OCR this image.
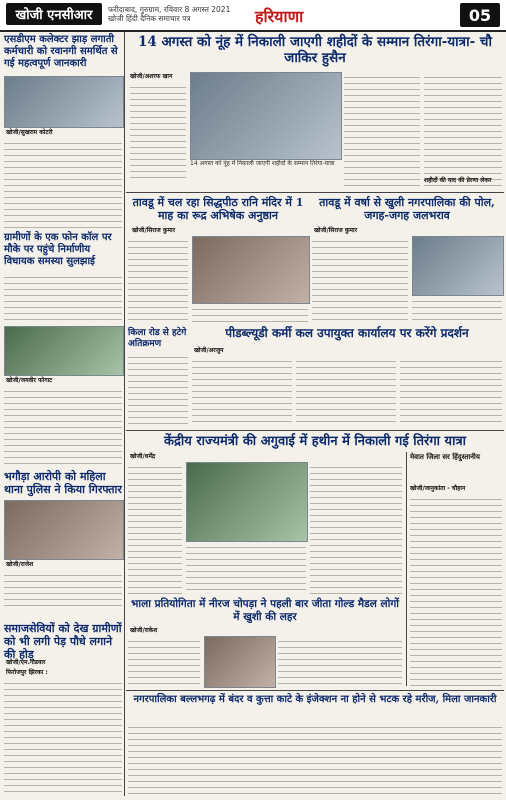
खोजी एनसीआर	फरीदाबाद, गुरुग्राम, रविवार 8 अगस्त 2021
खोजी हिंदी दैनिक समाचार पत्र	हरियाणा	05
एसडीएम कलेक्टर झाड़ लगाती कर्मचारी को रवानगी समर्थित से गई महत्वपूर्ण जानकारी
खोजी/सुखराम कोटरी
ग्रामीणों के एक फोन कॉल पर मौके पर पहुंचे निर्माणीय विधायक समस्या सुलझाई
खोजी/जयवीर फोगाट
भगौड़ा आरोपी को महिला थाना पुलिस ने किया गिरफ्तार
खोजी/राजेश
समाजसेवियों को देख ग्रामीणों को भी लगी पेड़ पौधे लगाने की होड़
खोजी/एम.गौडवार
फिरोजपुर झिरका :
14 अगस्त को नूंह में निकाली जाएगी शहीदों के सम्मान तिरंगा-यात्रा- चौ जाकिर हुसैन
खोजी/अशरफ खान
14 अगस्त को नूंह में निकाली जाएगी शहीदों के सम्मान तिरंगा-यात्रा
शहीदों की याद की प्रेरणा लेकर
तावडू में चल रहा सिद्धपीठ रानि मंदिर में 1 माह का रूद्र अभिषेक अनुष्ठान
खोजी/सिराज कुमार
तावडू में वर्षा से खुली नगरपालिका की पोल, जगह-जगह जलभराव
खोजी/सिराज कुमार
किला रोड से हटेगे अतिक्रमण
पीडब्ल्यूडी कर्मी कल उपायुक्त कार्यालय पर करेंगे प्रदर्शन
खोजी/अरजुन
केंद्रीय राज्यमंत्री की अगुवाई में हथीन में निकाली गई तिरंगा यात्रा
खोजी/धर्मेंद्र
भाला प्रतियोगिता में नीरज चोपड़ा ने पहली बार जीता गोल्ड मैडल लोगों में खुशी की लहर
खोजी/राकेश
मेवात जिला सर हिंदुस्तानीय
खोजी/जानुकांता - चौहान
नगरपालिका बल्लभगढ़ में बंदर व कुत्ता काटे के इंजेक्शन ना होने से भटक रहे मरीज, मिला जानकारी
